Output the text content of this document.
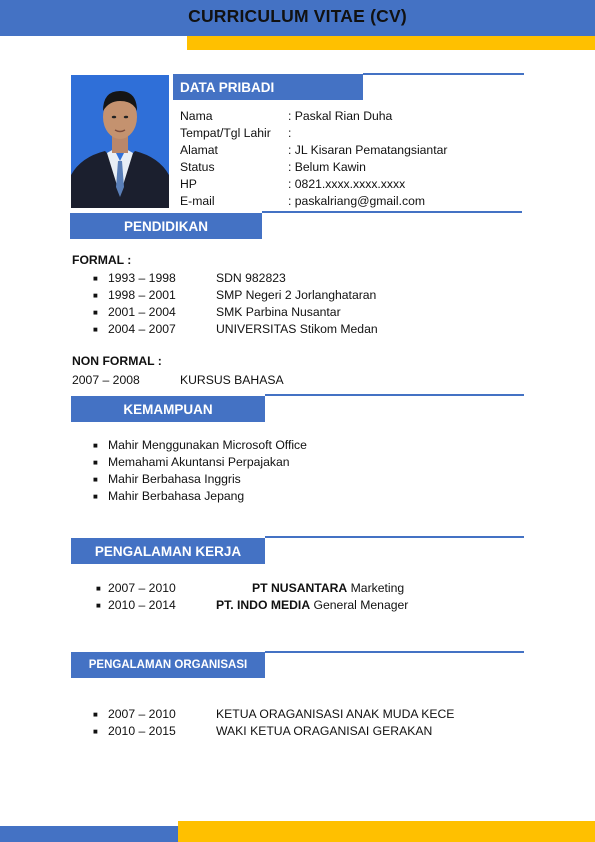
CURRICULUM VITAE (CV)
DATA PRIBADI
Nama	: Paskal Rian Duha
Tempat/Tgl Lahir	:
Alamat	: JL Kisaran Pematangsiantar
Status	: Belum Kawin
HP	: 0821.xxxx.xxxx.xxxx
E-mail	: paskalriang@gmail.com
PENDIDIKAN
FORMAL :
■ 1993 – 1998	SDN 982823
■ 1998 – 2001	SMP Negeri 2 Jorlanghataran
■ 2001 – 2004	SMK Parbina Nusantar
■ 2004 – 2007	UNIVERSITAS Stikom Medan
NON FORMAL :
2007 – 2008	KURSUS BAHASA
KEMAMPUAN
■ Mahir Menggunakan Microsoft Office
■ Memahami Akuntansi Perpajakan
■ Mahir Berbahasa Inggris
■ Mahir Berbahasa Jepang
PENGALAMAN KERJA
■ 2007 – 2010	PT NUSANTARA Marketing
■ 2010 – 2014	PT. INDO MEDIA General Menager
PENGALAMAN ORGANISASI
■ 2007 – 2010	KETUA ORAGANISASI ANAK MUDA KECE
■ 2010 – 2015	WAKI KETUA ORAGANISAI GERAKAN
